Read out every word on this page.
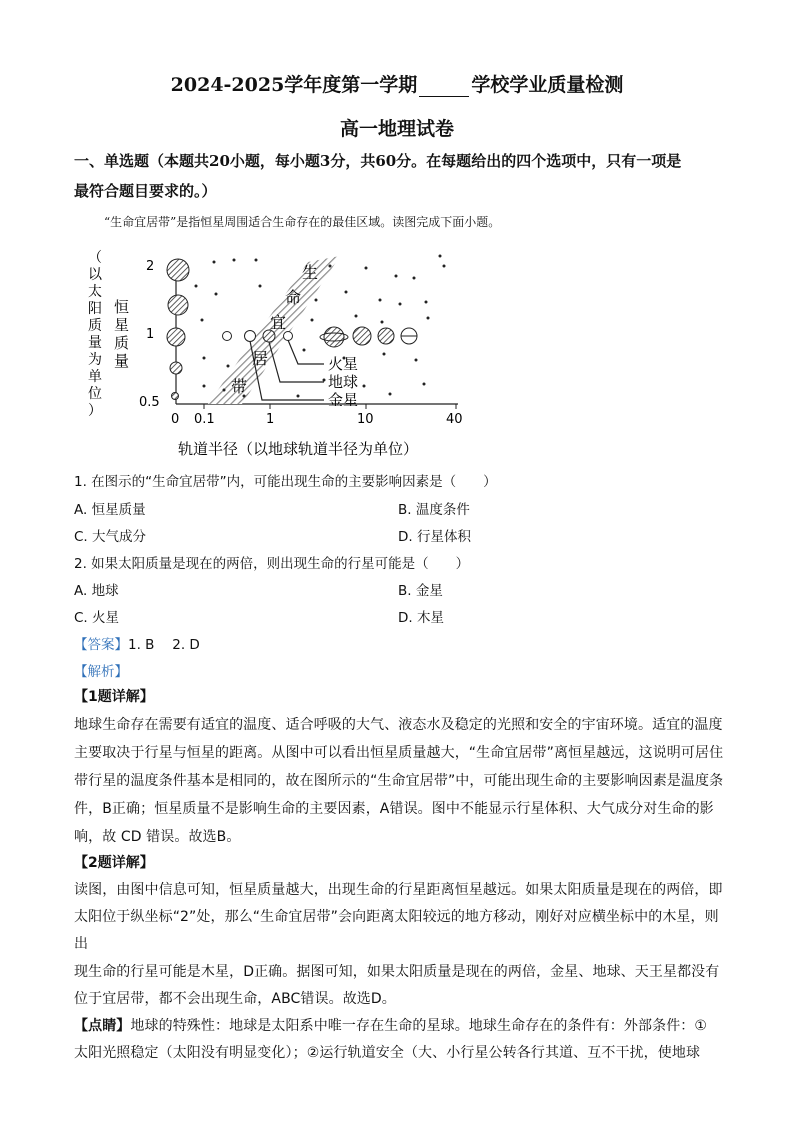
2024-2025学年度第一学期	学校学业质量检测
高一地理试卷
一、单选题（本题共20小题，每小题3分，共60分。在每题给出的四个选项中，只有一项是
最符合题目要求的。）
“生命宜居带”是指恒星周围适合生命存在的最佳区域。读图完成下面小题。
（
以
太
阳
质
量
为
单
位
）
恒
星
质
量
2
1
0.5
0 0.1	1	10	40
轨道半径（以地球轨道半径为单位）
生
命
宜
居
带
火星
地球
金星
1. 在图示的“生命宜居带”内，可能出现生命的主要影响因素是（　　）
A. 恒星质量	B. 温度条件
C. 大气成分	D. 行星体积
2. 如果太阳质量是现在的两倍，则出现生命的行星可能是（　　）
A. 地球	B. 金星
C. 火星	D. 木星
【答案】1. B　 2. D
【解析】
【1题详解】
地球生命存在需要有适宜的温度、适合呼吸的大气、液态水及稳定的光照和安全的宇宙环境。适宜的温度
主要取决于行星与恒星的距离。从图中可以看出恒星质量越大，“生命宜居带”离恒星越远，这说明可居住
带行星的温度条件基本是相同的，故在图所示的“生命宜居带”中，可能出现生命的主要影响因素是温度条
件，B正确；恒星质量不是影响生命的主要因素，A错误。图中不能显示行星体积、大气成分对生命的影
响，故 CD 错误。故选B。
【2题详解】
读图，由图中信息可知，恒星质量越大，出现生命的行星距离恒星越远。如果太阳质量是现在的两倍，即
太阳位于纵坐标“2”处，那么“生命宜居带”会向距离太阳较远的地方移动，刚好对应横坐标中的木星，则
出
现生命的行星可能是木星，D正确。据图可知，如果太阳质量是现在的两倍，金星、地球、天王星都没有
位于宜居带，都不会出现生命，ABC错误。故选D。
【点睛】地球的特殊性：地球是太阳系中唯一存在生命的星球。地球生命存在的条件有：外部条件：①
太阳光照稳定（太阳没有明显变化）；②运行轨道安全（大、小行星公转各行其道、互不干扰，使地球
